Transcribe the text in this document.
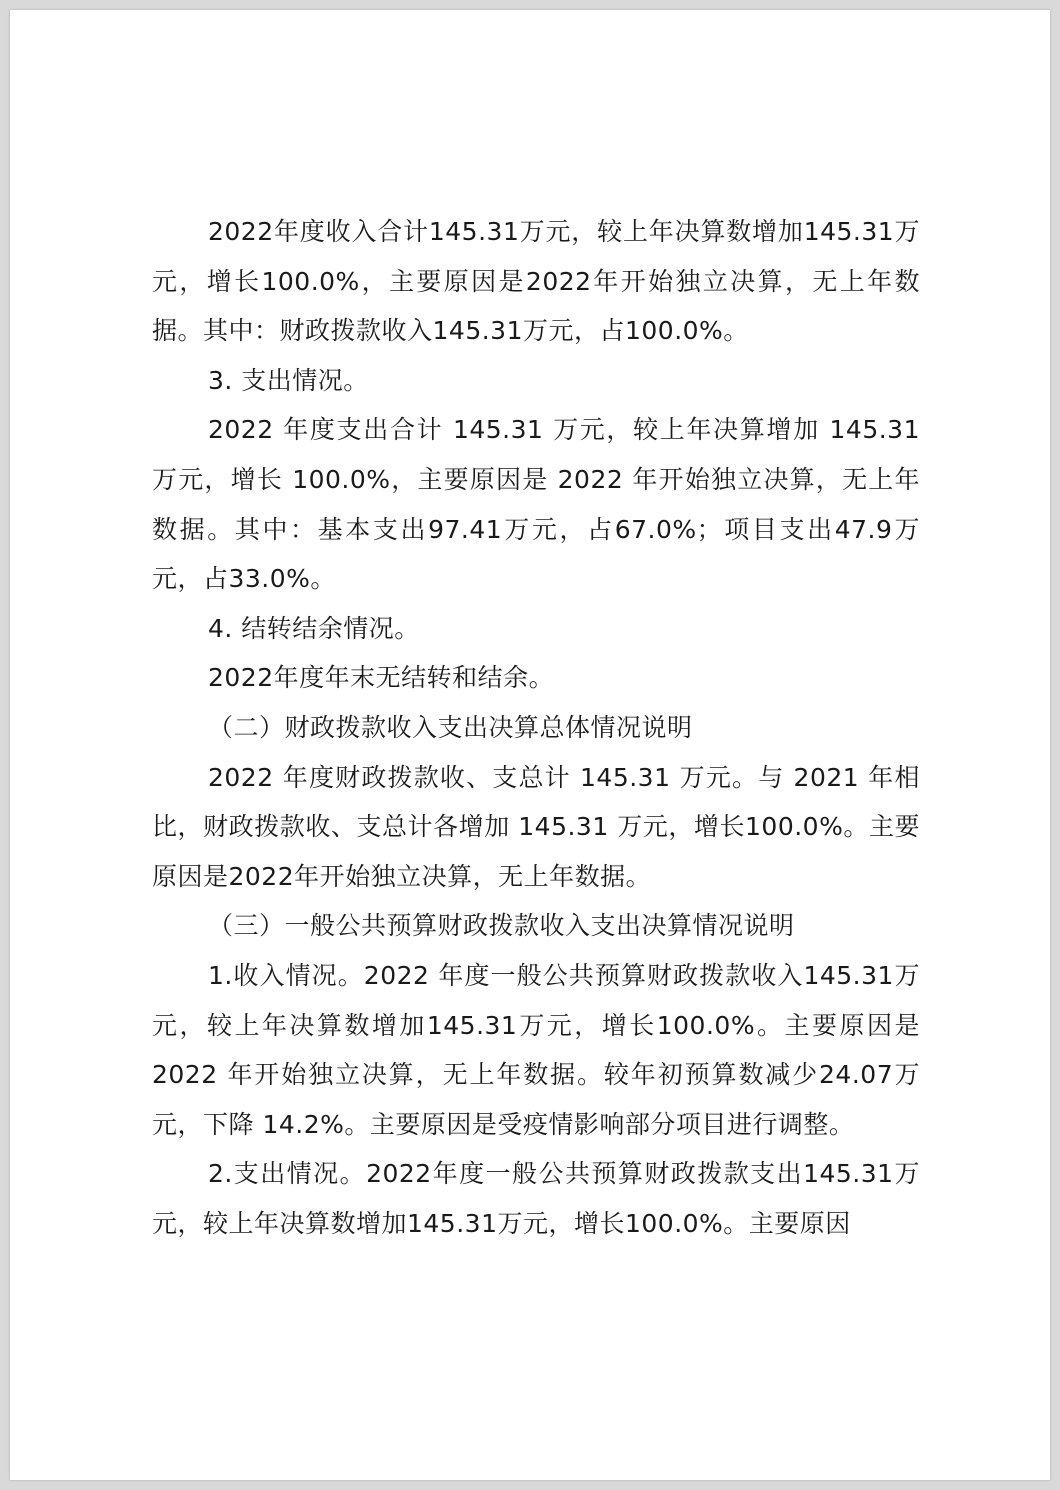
2022年度收入合计145.31万元，较上年决算数增加145.31万元，增长100.0%，主要原因是2022年开始独立决算，无上年数据。其中：财政拨款收入145.31万元，占100.0%。

3. 支出情况。

2022 年度支出合计 145.31 万元，较上年决算增加 145.31 万元，增长 100.0%，主要原因是 2022 年开始独立决算，无上年数据。其中：基本支出97.41万元，占67.0%；项目支出47.9万元，占33.0%。

4. 结转结余情况。

2022年度年末无结转和结余。

（二）财政拨款收入支出决算总体情况说明

2022 年度财政拨款收、支总计 145.31 万元。与 2021 年相比，财政拨款收、支总计各增加 145.31 万元，增长100.0%。主要原因是2022年开始独立决算，无上年数据。

（三）一般公共预算财政拨款收入支出决算情况说明

1.收入情况。2022 年度一般公共预算财政拨款收入145.31万元，较上年决算数增加145.31万元，增长100.0%。主要原因是 2022 年开始独立决算，无上年数据。较年初预算数减少24.07万元，下降 14.2%。主要原因是受疫情影响部分项目进行调整。

2.支出情况。2022年度一般公共预算财政拨款支出145.31万元，较上年决算数增加145.31万元，增长100.0%。主要原因
